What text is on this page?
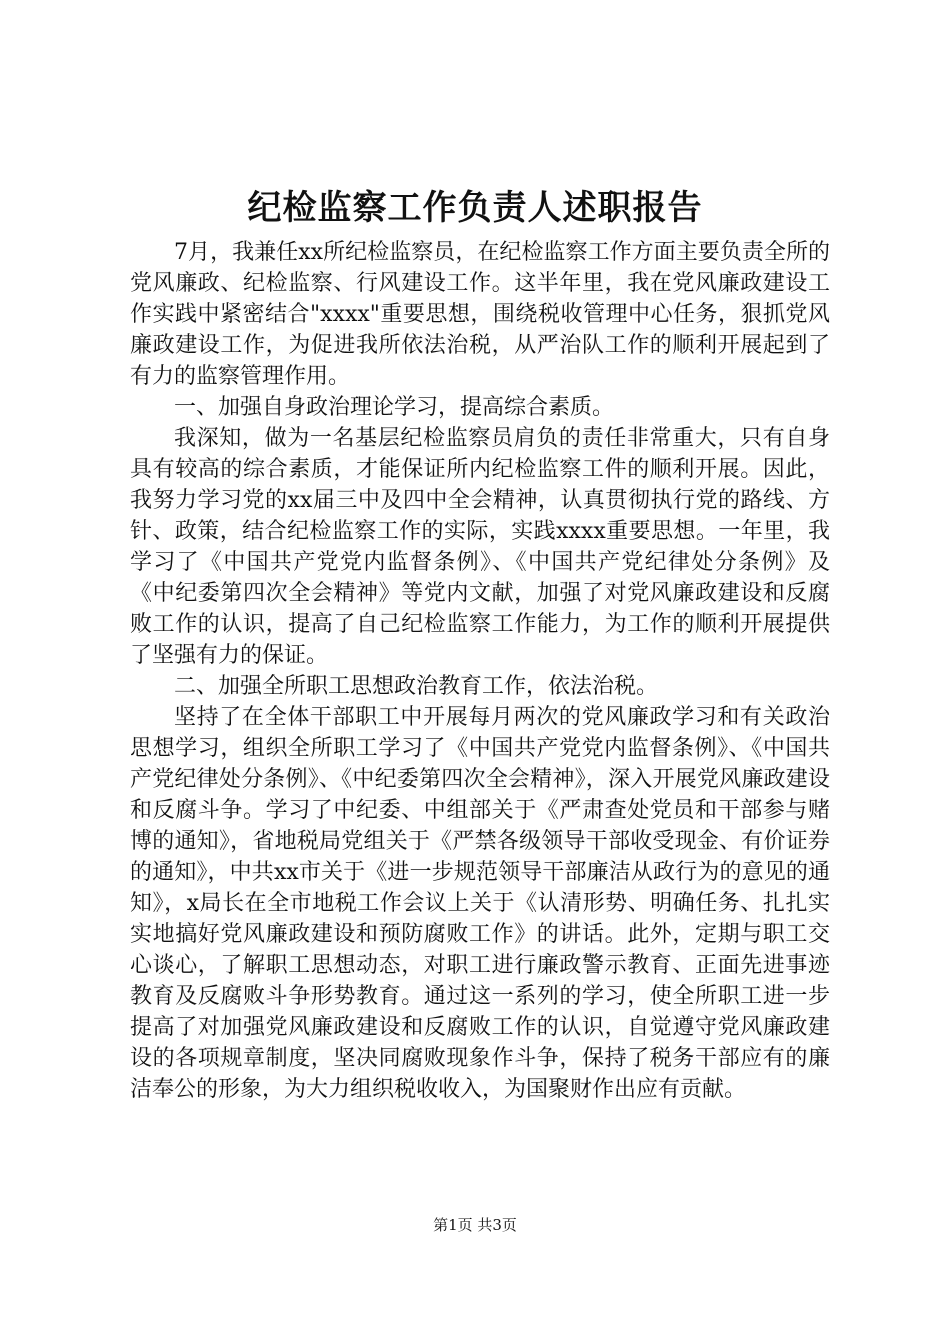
纪检监察工作负责人述职报告

7月，我兼任xx所纪检监察员，在纪检监察工作方面主要负责全所的党风廉政、纪检监察、行风建设工作。这半年里，我在党风廉政建设工作实践中紧密结合"xxxx"重要思想，围绕税收管理中心任务，狠抓党风廉政建设工作，为促进我所依法治税，从严治队工作的顺利开展起到了有力的监察管理作用。

一、加强自身政治理论学习，提高综合素质。

我深知，做为一名基层纪检监察员肩负的责任非常重大，只有自身具有较高的综合素质，才能保证所内纪检监察工件的顺利开展。因此，我努力学习党的xx届三中及四中全会精神，认真贯彻执行党的路线、方针、政策，结合纪检监察工作的实际，实践xxxx重要思想。一年里，我学习了《中国共产党党内监督条例》、《中国共产党纪律处分条例》及《中纪委第四次全会精神》等党内文献，加强了对党风廉政建设和反腐败工作的认识，提高了自己纪检监察工作能力，为工作的顺利开展提供了坚强有力的保证。

二、加强全所职工思想政治教育工作，依法治税。

坚持了在全体干部职工中开展每月两次的党风廉政学习和有关政治思想学习，组织全所职工学习了《中国共产党党内监督条例》、《中国共产党纪律处分条例》、《中纪委第四次全会精神》，深入开展党风廉政建设和反腐斗争。学习了中纪委、中组部关于《严肃查处党员和干部参与赌博的通知》，省地税局党组关于《严禁各级领导干部收受现金、有价证券的通知》，中共xx市关于《进一步规范领导干部廉洁从政行为的意见的通知》，x局长在全市地税工作会议上关于《认清形势、明确任务、扎扎实实地搞好党风廉政建设和预防腐败工作》的讲话。此外，定期与职工交心谈心，了解职工思想动态，对职工进行廉政警示教育、正面先进事迹教育及反腐败斗争形势教育。通过这一系列的学习，使全所职工进一步提高了对加强党风廉政建设和反腐败工作的认识，自觉遵守党风廉政建设的各项规章制度，坚决同腐败现象作斗争，保持了税务干部应有的廉洁奉公的形象，为大力组织税收收入，为国聚财作出应有贡献。

第1页 共3页
